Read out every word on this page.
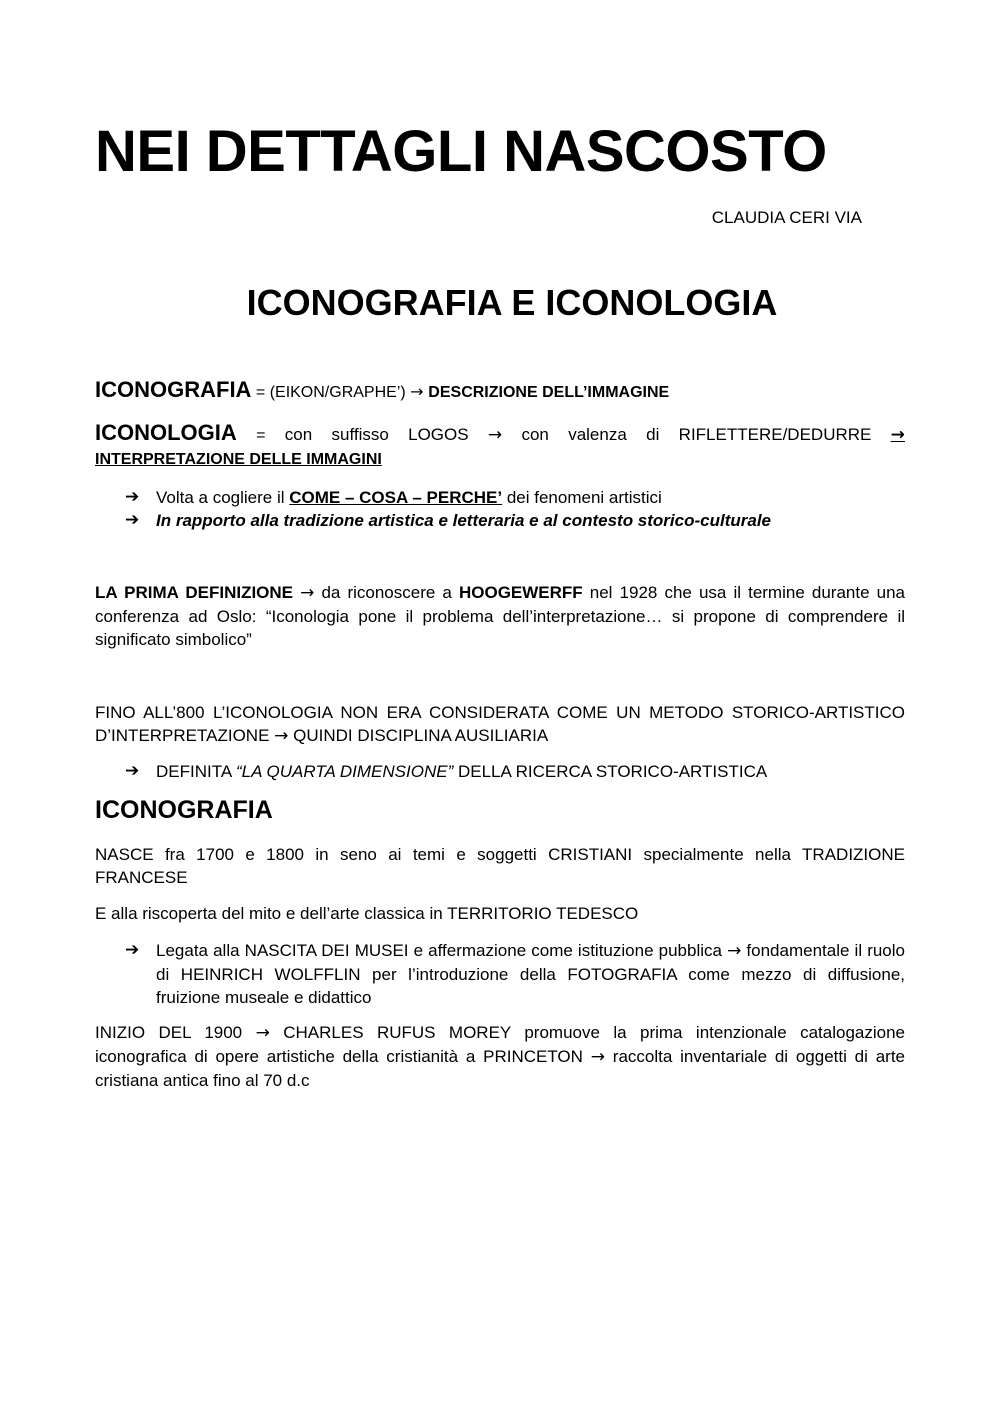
NEI DETTAGLI NASCOSTO
CLAUDIA CERI VIA
ICONOGRAFIA E ICONOLOGIA
ICONOGRAFIA = (EIKON/GRAPHE’) → DESCRIZIONE DELL’IMMAGINE
ICONOLOGIA = con suffisso LOGOS → con valenza di RIFLETTERE/DEDURRE →
INTERPRETAZIONE DELLE IMMAGINI
➔ Volta a cogliere il COME – COSA – PERCHE’ dei fenomeni artistici
➔ In rapporto alla tradizione artistica e letteraria e al contesto storico-culturale
LA PRIMA DEFINIZIONE → da riconoscere a HOOGEWERFF nel 1928 che usa il termine durante una conferenza ad Oslo: “Iconologia pone il problema dell’interpretazione… si propone di comprendere il significato simbolico”
FINO ALL’800 L’ICONOLOGIA NON ERA CONSIDERATA COME UN METODO STORICO-ARTISTICO D’INTERPRETAZIONE → QUINDI DISCIPLINA AUSILIARIA
➔ DEFINITA “LA QUARTA DIMENSIONE” DELLA RICERCA STORICO-ARTISTICA
ICONOGRAFIA
NASCE fra 1700 e 1800 in seno ai temi e soggetti CRISTIANI specialmente nella TRADIZIONE FRANCESE
E alla riscoperta del mito e dell’arte classica in TERRITORIO TEDESCO
➔ Legata alla NASCITA DEI MUSEI e affermazione come istituzione pubblica → fondamentale il ruolo di HEINRICH WOLFFLIN per l’introduzione della FOTOGRAFIA come mezzo di diffusione, fruizione museale e didattico
INIZIO DEL 1900 → CHARLES RUFUS MOREY promuove la prima intenzionale catalogazione iconografica di opere artistiche della cristianità a PRINCETON → raccolta inventariale di oggetti di arte cristiana antica fino al 70 d.c
